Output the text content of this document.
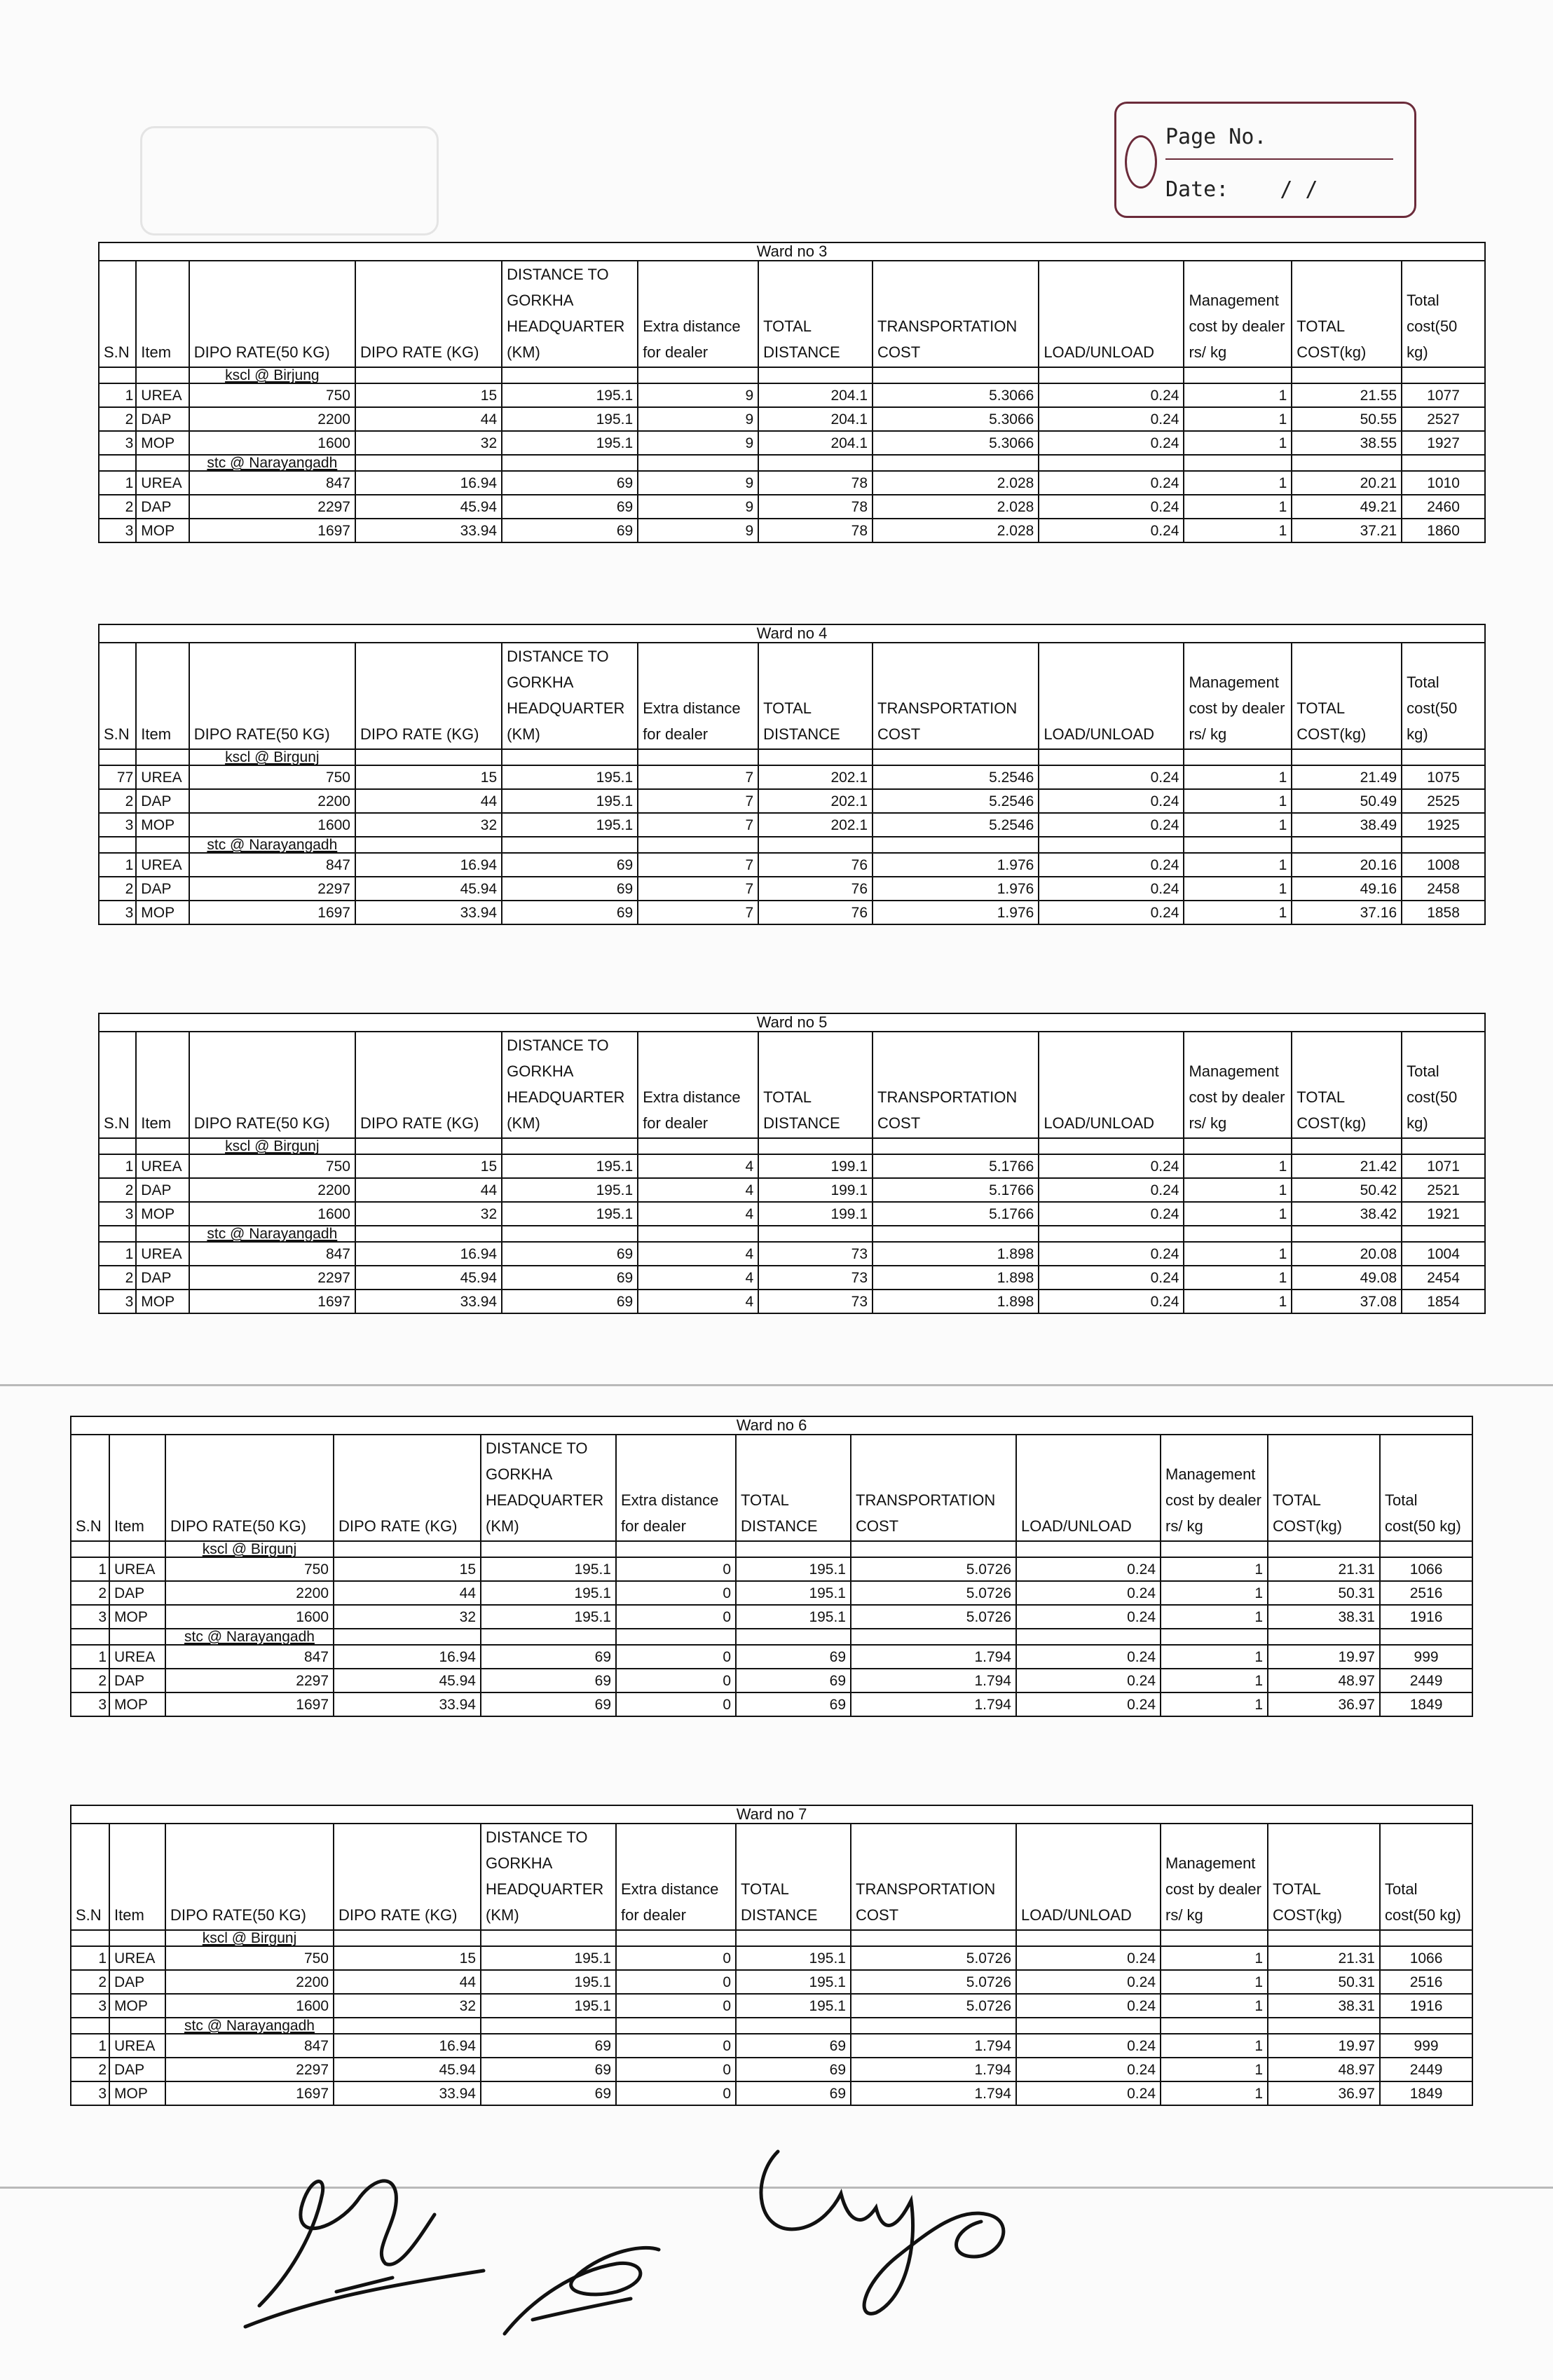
Page No.
Date: / /
Ward no 3											
S.N	Item	DIPO RATE(50 KG)	DIPO RATE (KG)	DISTANCE TO GORKHA HEADQUARTER (KM)	Extra distance for dealer	TOTAL DISTANCE	TRANSPORTATION COST	LOAD/UNLOAD	Management cost by dealer rs/ kg	TOTAL COST(kg)	Total cost(50 kg)
		kscl @ Birjung									
1	UREA	750	15	195.1	9	204.1	5.3066	0.24	1	21.55	1077
2	DAP	2200	44	195.1	9	204.1	5.3066	0.24	1	50.55	2527
3	MOP	1600	32	195.1	9	204.1	5.3066	0.24	1	38.55	1927
		stc @ Narayangadh									
1	UREA	847	16.94	69	9	78	2.028	0.24	1	20.21	1010
2	DAP	2297	45.94	69	9	78	2.028	0.24	1	49.21	2460
3	MOP	1697	33.94	69	9	78	2.028	0.24	1	37.21	1860
Ward no 4											
S.N	Item	DIPO RATE(50 KG)	DIPO RATE (KG)	DISTANCE TO GORKHA HEADQUARTER (KM)	Extra distance for dealer	TOTAL DISTANCE	TRANSPORTATION COST	LOAD/UNLOAD	Management cost by dealer rs/ kg	TOTAL COST(kg)	Total cost(50 kg)
		kscl @ Birgunj									
77	UREA	750	15	195.1	7	202.1	5.2546	0.24	1	21.49	1075
2	DAP	2200	44	195.1	7	202.1	5.2546	0.24	1	50.49	2525
3	MOP	1600	32	195.1	7	202.1	5.2546	0.24	1	38.49	1925
		stc @ Narayangadh									
1	UREA	847	16.94	69	7	76	1.976	0.24	1	20.16	1008
2	DAP	2297	45.94	69	7	76	1.976	0.24	1	49.16	2458
3	MOP	1697	33.94	69	7	76	1.976	0.24	1	37.16	1858
Ward no 5											
S.N	Item	DIPO RATE(50 KG)	DIPO RATE (KG)	DISTANCE TO GORKHA HEADQUARTER (KM)	Extra distance for dealer	TOTAL DISTANCE	TRANSPORTATION COST	LOAD/UNLOAD	Management cost by dealer rs/ kg	TOTAL COST(kg)	Total cost(50 kg)
		kscl @ Birgunj									
1	UREA	750	15	195.1	4	199.1	5.1766	0.24	1	21.42	1071
2	DAP	2200	44	195.1	4	199.1	5.1766	0.24	1	50.42	2521
3	MOP	1600	32	195.1	4	199.1	5.1766	0.24	1	38.42	1921
		stc @ Narayangadh									
1	UREA	847	16.94	69	4	73	1.898	0.24	1	20.08	1004
2	DAP	2297	45.94	69	4	73	1.898	0.24	1	49.08	2454
3	MOP	1697	33.94	69	4	73	1.898	0.24	1	37.08	1854
Ward no 6											
S.N	Item	DIPO RATE(50 KG)	DIPO RATE (KG)	DISTANCE TO GORKHA HEADQUARTER (KM)	Extra distance for dealer	TOTAL DISTANCE	TRANSPORTATION COST	LOAD/UNLOAD	Management cost by dealer rs/ kg	TOTAL COST(kg)	Total cost(50 kg)
		kscl @ Birgunj									
1	UREA	750	15	195.1	0	195.1	5.0726	0.24	1	21.31	1066
2	DAP	2200	44	195.1	0	195.1	5.0726	0.24	1	50.31	2516
3	MOP	1600	32	195.1	0	195.1	5.0726	0.24	1	38.31	1916
		stc @ Narayangadh									
1	UREA	847	16.94	69	0	69	1.794	0.24	1	19.97	999
2	DAP	2297	45.94	69	0	69	1.794	0.24	1	48.97	2449
3	MOP	1697	33.94	69	0	69	1.794	0.24	1	36.97	1849
Ward no 7											
S.N	Item	DIPO RATE(50 KG)	DIPO RATE (KG)	DISTANCE TO GORKHA HEADQUARTER (KM)	Extra distance for dealer	TOTAL DISTANCE	TRANSPORTATION COST	LOAD/UNLOAD	Management cost by dealer rs/ kg	TOTAL COST(kg)	Total cost(50 kg)
		kscl @ Birgunj									
1	UREA	750	15	195.1	0	195.1	5.0726	0.24	1	21.31	1066
2	DAP	2200	44	195.1	0	195.1	5.0726	0.24	1	50.31	2516
3	MOP	1600	32	195.1	0	195.1	5.0726	0.24	1	38.31	1916
		stc @ Narayangadh									
1	UREA	847	16.94	69	0	69	1.794	0.24	1	19.97	999
2	DAP	2297	45.94	69	0	69	1.794	0.24	1	48.97	2449
3	MOP	1697	33.94	69	0	69	1.794	0.24	1	36.97	1849
